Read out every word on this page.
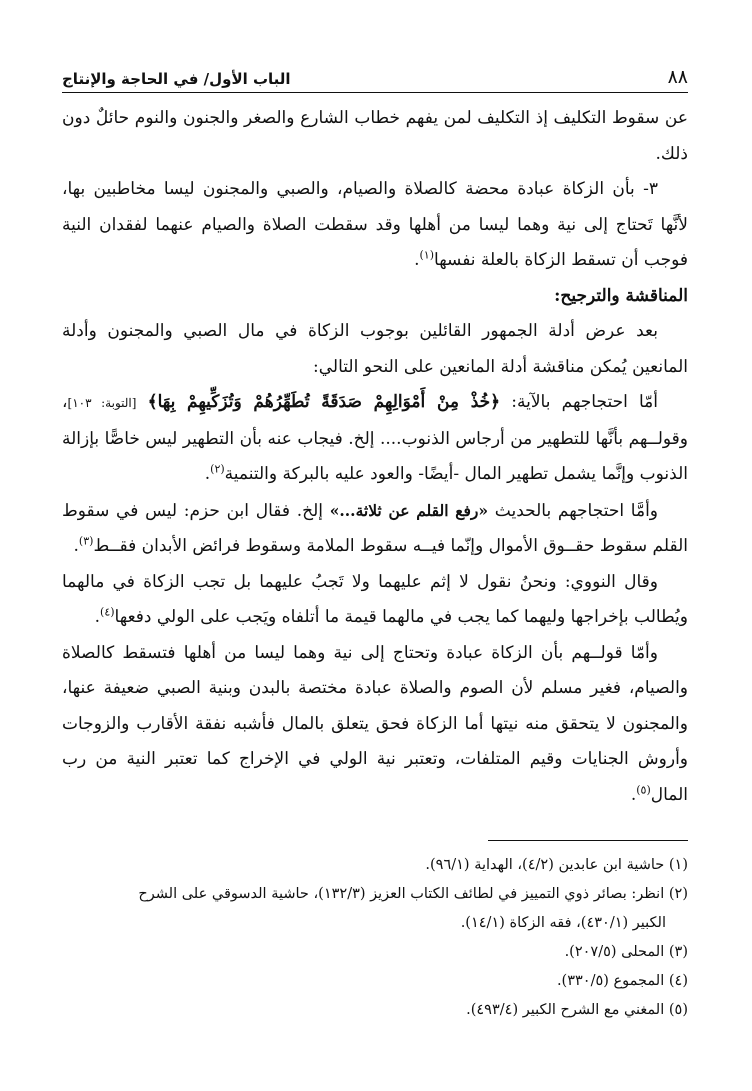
٨٨
الباب الأول/ في الحاجة والإنتاج

عن سقوط التكليف إذ التكليف لمن يفهم خطاب الشارع والصغر والجنون والنوم حائلٌ دون ذلك.

٣- بأن الزكاة عبادة محضة كالصلاة والصيام، والصبي والمجنون ليسا مخاطبين بها، لأنَّها تَحتاج إلى نية وهما ليسا من أهلها وقد سقطت الصلاة والصيام عنهما لفقدان النية فوجب أن تسقط الزكاة بالعلة نفسها$^{(١)}$.

المناقشة والترجيح:

بعد عرض أدلة الجمهور القائلين بوجوب الزكاة في مال الصبي والمجنون وأدلة المانعين يُمكن مناقشة أدلة المانعين على النحو التالي:

أمّا احتجاجهم بالآية: ﴿خُذْ مِنْ أَمْوَالِهِمْ صَدَقَةً تُطَهِّرُهُمْ وَتُزَكِّيهِمْ بِهَا﴾ [التوبة: ١٠٣]، وقولــهم بأنَّها للتطهير من أرجاس الذنوب.... إلخ. فيجاب عنه بأن التطهير ليس خاصًّا بإزالة الذنوب وإنَّما يشمل تطهير المال -أيضًا- والعود عليه بالبركة والتنمية$^{(٢)}$.

وأمَّا احتجاجهم بالحديث «رفع القلم عن ثلاثة...» إلخ. فقال ابن حزم: ليس في سقوط القلم سقوط حقــوق الأموال وإنّما فيــه سقوط الملامة وسقوط فرائض الأبدان فقــط$^{(٣)}$.

وقال النووي: ونحنُ نقول لا إثم عليهما ولا تَجبُ عليهما بل تجب الزكاة في مالهما ويُطالب بإخراجها وليهما كما يجب في مالهما قيمة ما أتلفاه ويَجب على الولي دفعها$^{(٤)}$.

وأمّا قولــهم بأن الزكاة عبادة وتحتاج إلى نية وهما ليسا من أهلها فتسقط كالصلاة والصيام، فغير مسلم لأن الصوم والصلاة عبادة مختصة بالبدن وبنية الصبي ضعيفة عنها، والمجنون لا يتحقق منه نيتها أما الزكاة فحق يتعلق بالمال فأشبه نفقة الأقارب والزوجات وأروش الجنايات وقيم المتلفات، وتعتبر نية الولي في الإخراج كما تعتبر النية من رب المال$^{(٥)}$.

(١) حاشية ابن عابدين (٤/٢)، الهداية (٩٦/١).

(٢) انظر: بصائر ذوي التمييز في لطائف الكتاب العزيز (١٣٢/٣)، حاشية الدسوقي على الشرح

الكبير (٤٣٠/١)، فقه الزكاة (١٤/١).

(٣) المحلى (٢٠٧/٥).

(٤) المجموع (٣٣٠/٥).

(٥) المغني مع الشرح الكبير (٤٩٣/٤).
